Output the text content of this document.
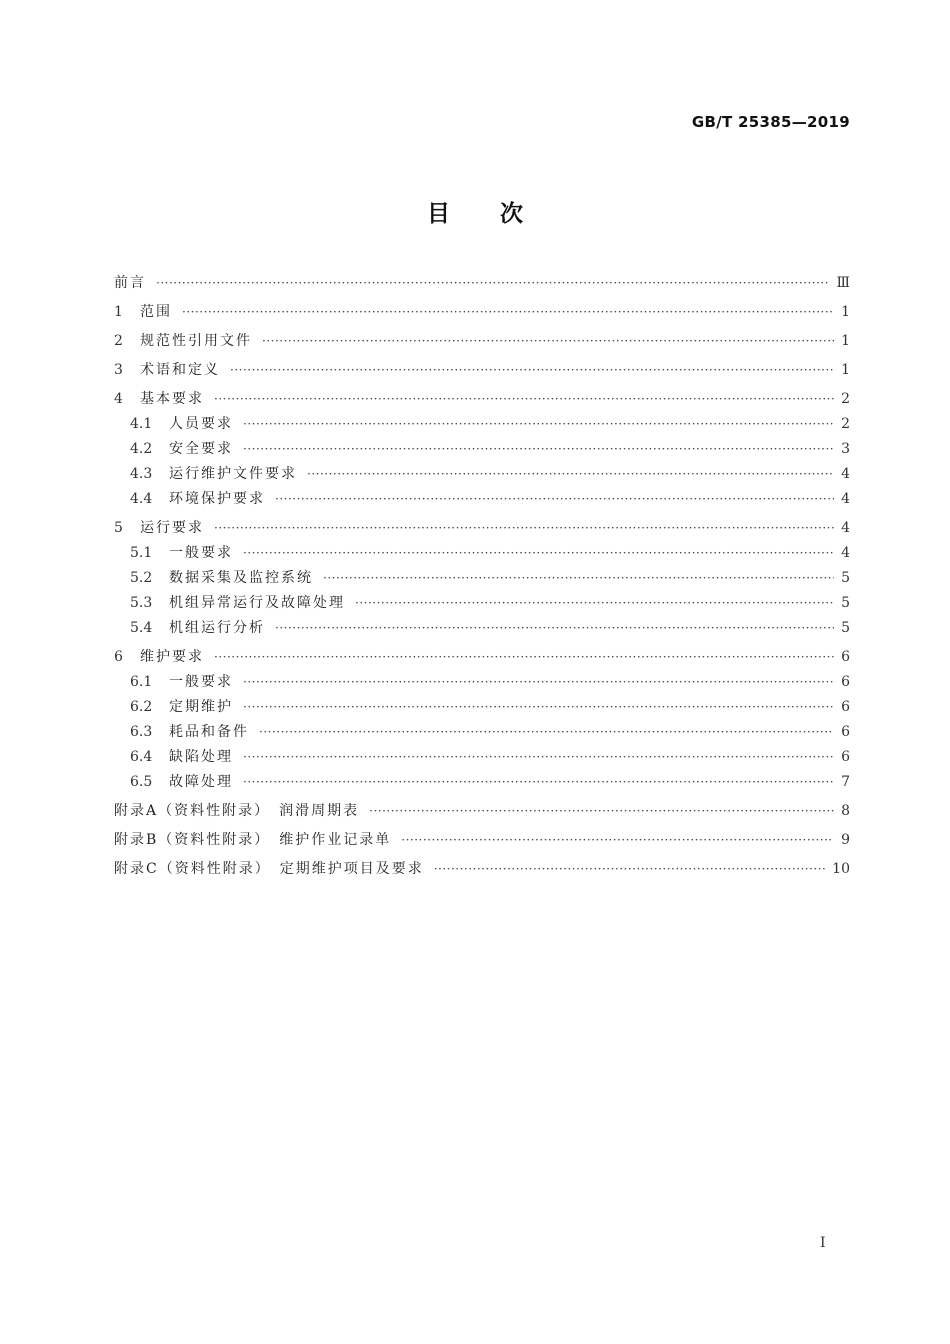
GB/T 25385—2019
目 次
前言 ·····	Ⅲ
1	范围 ·····	1
2	规范性引用文件 ·····	1
3	术语和定义 ·····	1
4	基本要求 ·····	2
4.1	人员要求 ·····	2
4.2	安全要求 ·····	3
4.3	运行维护文件要求 ·····	4
4.4	环境保护要求 ·····	4
5	运行要求 ·····	4
5.1	一般要求 ·····	4
5.2	数据采集及监控系统 ·····	5
5.3	机组异常运行及故障处理 ·····	5
5.4	机组运行分析 ·····	5
6	维护要求 ·····	6
6.1	一般要求 ·····	6
6.2	定期维护 ·····	6
6.3	耗品和备件 ·····	6
6.4	缺陷处理 ·····	6
6.5	故障处理 ·····	7
附录A（资料性附录）　润滑周期表 ·····	8
附录B（资料性附录）　维护作业记录单 ·····	9
附录C（资料性附录）　定期维护项目及要求 ·····	10
I
